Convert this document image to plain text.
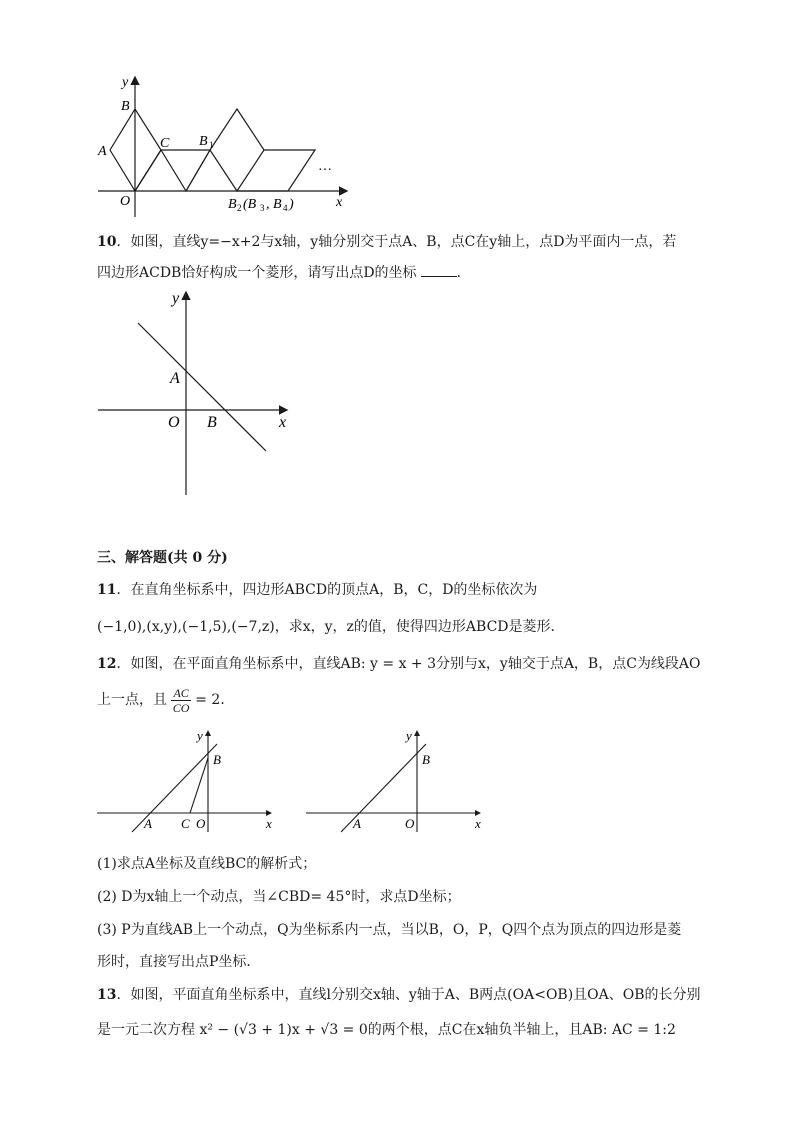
y
B
A
C B 1
O	x
…
B 2 (B 3 , B 4 )
10．如图，直线y=−x+2与x轴，y轴分别交于点A、B，点C在y轴上，点D为平面内一点，若
四边形ACDB恰好构成一个菱形，请写出点D的坐标	．
y
A
O B	x
三、解答题(共 0 分)
11．在直角坐标系中，四边形ABCD的顶点A，B，C，D的坐标依次为
(−1,0),(x,y),(−1,5),(−7,z)，求x，y，z的值，使得四边形ABCD是菱形．
12．如图，在平面直角坐标系中，直线AB: y = x + 3分别与x，y轴交于点A，B，点C为线段AO
上一点，且 $\frac{AC}{CO} = 2$．
y
B
A C O	x
y
B
A	O	x
(1)求点A坐标及直线BC的解析式；
(2) D为x轴上一个动点，当∠CBD= 45°时，求点D坐标；
(3) P为直线AB上一个动点，Q为坐标系内一点，当以B，O，P，Q四个点为顶点的四边形是菱
形时，直接写出点P坐标．
13．如图，平面直角坐标系中，直线l分别交x轴、y轴于A、B两点(OA<OB)且OA、OB的长分别
是一元二次方程 x² − (√3 + 1)x + √3 = 0的两个根，点C在x轴负半轴上，且AB: AC = 1:2
